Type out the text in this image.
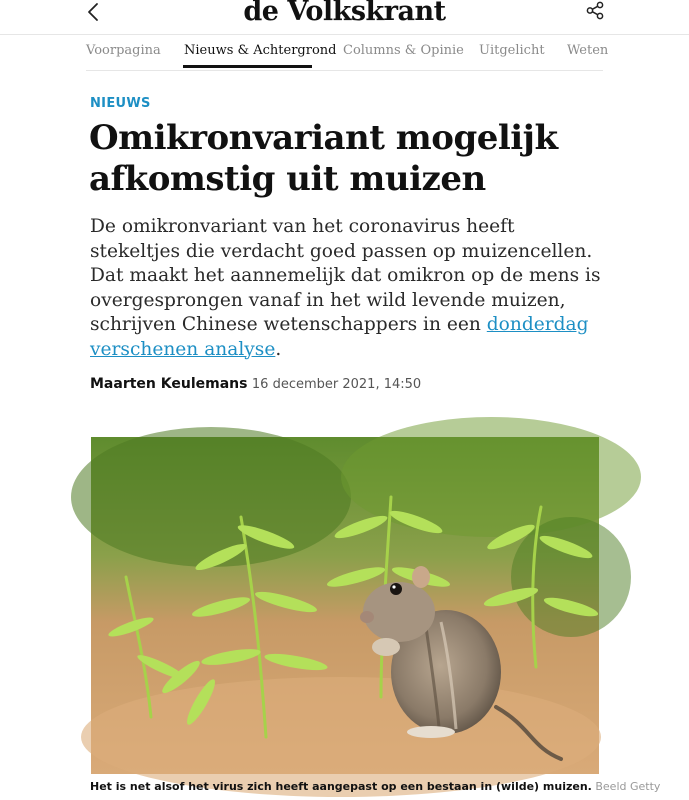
de Volkskrant
Voorpagina Nieuws & Achtergrond Columns & Opinie Uitgelicht Weten
NIEUWS
Omikronvariant mogelijk afkomstig uit muizen

De omikronvariant van het coronavirus heeft stekeltjes die verdacht goed passen op muizencellen. Dat maakt het aannemelijk dat omikron op de mens is overgesprongen vanaf in het wild levende muizen, schrijven Chinese wetenschappers in een donderdag verschenen analyse.

Maarten Keulemans 16 december 2021, 14:50
Het is net alsof het virus zich heeft aangepast op een bestaan in (wilde) muizen. Beeld Getty
